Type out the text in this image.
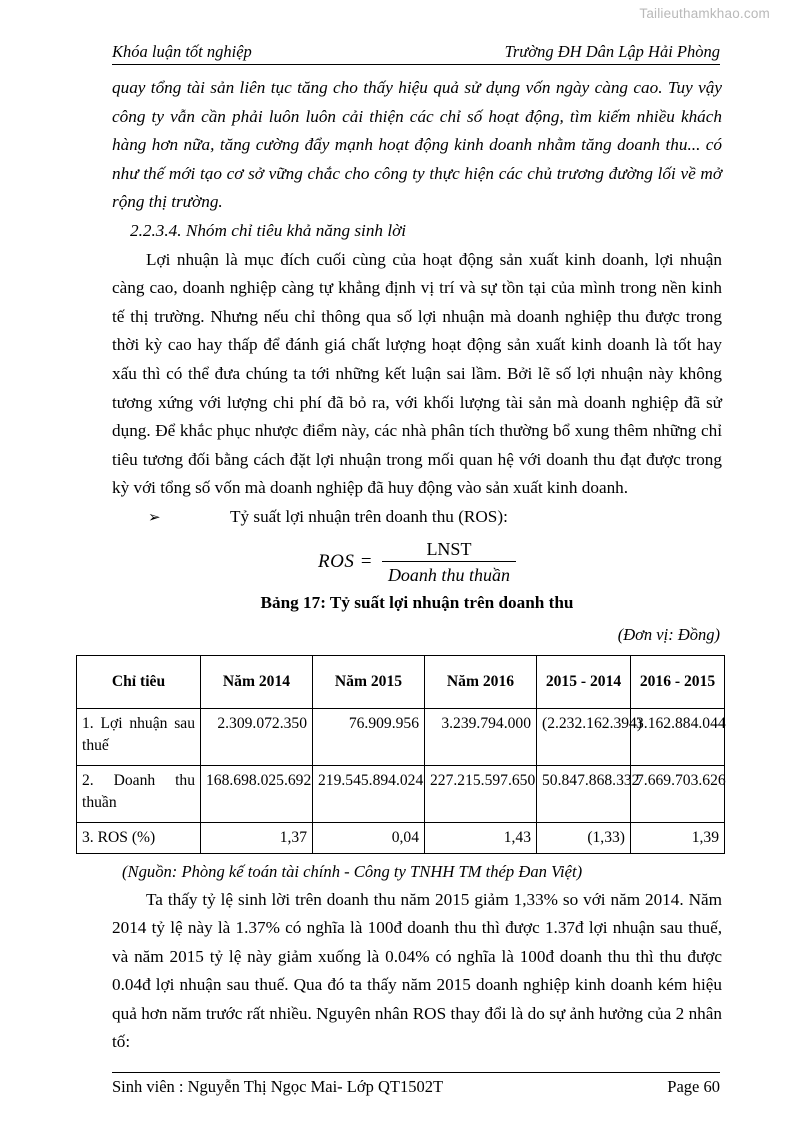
Tailieuthamkhao.com
Khóa luận tốt nghiệp	Trường ĐH Dân Lập Hải Phòng

quay tổng tài sản liên tục tăng cho thấy hiệu quả sử dụng vốn ngày càng cao. Tuy vậy công ty vẫn cần phải luôn luôn cải thiện các chỉ số hoạt động, tìm kiếm nhiều khách hàng hơn nữa, tăng cường đẩy mạnh hoạt động kinh doanh nhằm tăng doanh thu... có như thế mới tạo cơ sở vững chắc cho công ty thực hiện các chủ trương đường lối về mở rộng thị trường.

2.2.3.4. Nhóm chỉ tiêu khả năng sinh lời

Lợi nhuận là mục đích cuối cùng của hoạt động sản xuất kinh doanh, lợi nhuận càng cao, doanh nghiệp càng tự khẳng định vị trí và sự tồn tại của mình trong nền kinh tế thị trường. Nhưng nếu chỉ thông qua số lợi nhuận mà doanh nghiệp thu được trong thời kỳ cao hay thấp để đánh giá chất lượng hoạt động sản xuất kinh doanh là tốt hay xấu thì có thể đưa chúng ta tới những kết luận sai lầm. Bởi lẽ số lợi nhuận này không tương xứng với lượng chi phí đã bỏ ra, với khối lượng tài sản mà doanh nghiệp đã sử dụng. Để khắc phục nhược điểm này, các nhà phân tích thường bổ xung thêm những chỉ tiêu tương đối bằng cách đặt lợi nhuận trong mối quan hệ với doanh thu đạt được trong kỳ với tổng số vốn mà doanh nghiệp đã huy động vào sản xuất kinh doanh.

➢	Tỷ suất lợi nhuận trên doanh thu (ROS):
ROS = $\frac{\text{LNST}}{\text{Doanh thu thuần}}$
Bảng 17: Tỷ suất lợi nhuận trên doanh thu
(Đơn vị: Đồng)
Chỉ tiêu	Năm 2014	Năm 2015	Năm 2016	2015 - 2014	2016 - 2015
1. Lợi nhuận sau thuế	2.309.072.350	76.909.956	3.239.794.000	(2.232.162.394)	3.162.884.044
2. Doanh thu thuần	168.698.025.692	219.545.894.024	227.215.597.650	50.847.868.332	7.669.703.626
3. ROS (%)	1,37	0,04	1,43	(1,33)	1,39
(Nguồn: Phòng kế toán tài chính - Công ty TNHH TM thép Đan Việt)

Ta thấy tỷ lệ sinh lời trên doanh thu năm 2015 giảm 1,33% so với năm 2014. Năm 2014 tỷ lệ này là 1.37% có nghĩa là 100đ doanh thu thì được 1.37đ lợi nhuận sau thuế, và năm 2015 tỷ lệ này giảm xuống là 0.04% có nghĩa là 100đ doanh thu thì thu được 0.04đ lợi nhuận sau thuế. Qua đó ta thấy năm 2015 doanh nghiệp kinh doanh kém hiệu quả hơn năm trước rất nhiều. Nguyên nhân ROS thay đổi là do sự ảnh hưởng của 2 nhân tố:

Sinh viên : Nguyễn Thị Ngọc Mai- Lớp QT1502T	Page 60
